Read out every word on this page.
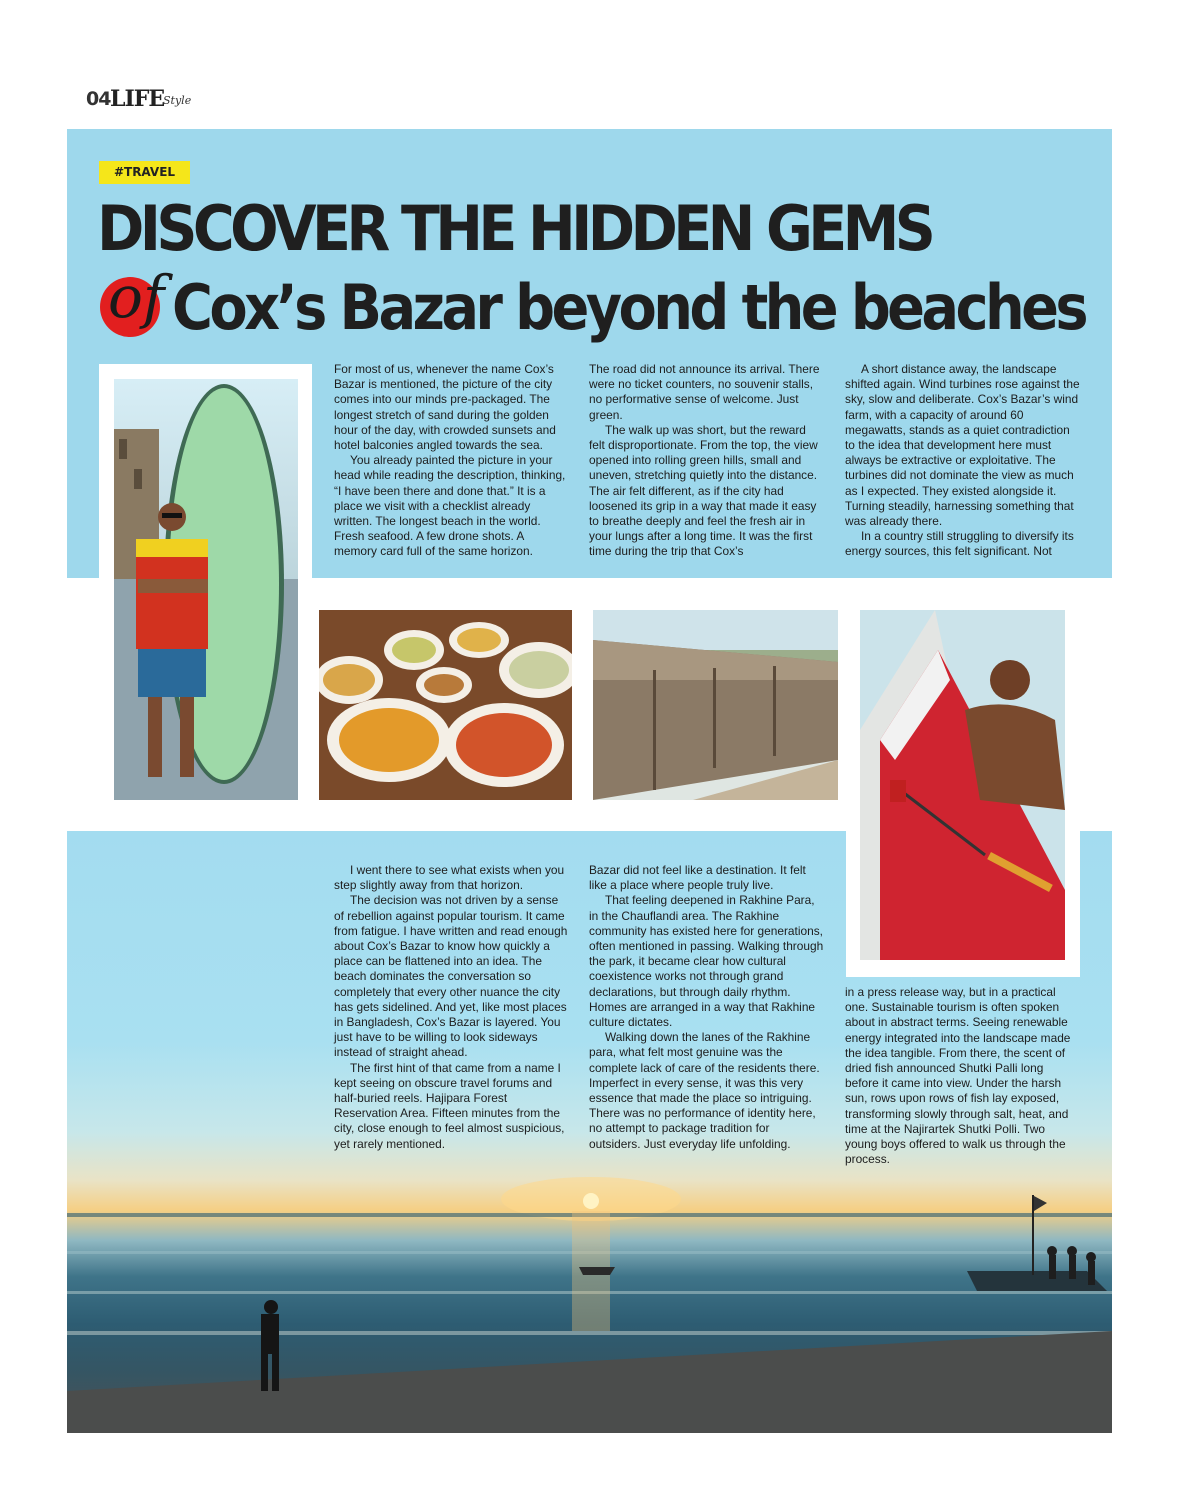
04 LIFE
Style
#TRAVEL
DISCOVER THE HIDDEN GEMS
of Cox’s Bazar beyond the beaches

For most of us, whenever the name Cox’s Bazar is mentioned, the picture of the city comes into our minds pre-packaged. The longest stretch of sand during the golden hour of the day, with crowded sunsets and hotel balconies angled towards the sea.

You already painted the picture in your head while reading the description, thinking, “I have been there and done that.” It is a place we visit with a checklist already written. The longest beach in the world. Fresh seafood. A few drone shots. A memory card full of the same horizon.

The road did not announce its arrival. There were no ticket counters, no souvenir stalls, no performative sense of welcome. Just green.

The walk up was short, but the reward felt disproportionate. From the top, the view opened into rolling green hills, small and uneven, stretching quietly into the distance. The air felt different, as if the city had loosened its grip in a way that made it easy to breathe deeply and feel the fresh air in your lungs after a long time. It was the first time during the trip that Cox’s

A short distance away, the landscape shifted again. Wind turbines rose against the sky, slow and deliberate. Cox’s Bazar’s wind farm, with a capacity of around 60 megawatts, stands as a quiet contradiction to the idea that development here must always be extractive or exploitative. The turbines did not dominate the view as much as I expected. They existed alongside it. Turning steadily, harnessing something that was already there.

In a country still struggling to diversify its energy sources, this felt significant. Not

I went there to see what exists when you step slightly away from that horizon.

The decision was not driven by a sense of rebellion against popular tourism. It came from fatigue. I have written and read enough about Cox’s Bazar to know how quickly a place can be flattened into an idea. The beach dominates the conversation so completely that every other nuance the city has gets sidelined. And yet, like most places in Bangladesh, Cox’s Bazar is layered. You just have to be willing to look sideways instead of straight ahead.

The first hint of that came from a name I kept seeing on obscure travel forums and half-buried reels. Hajipara Forest Reservation Area. Fifteen minutes from the city, close enough to feel almost suspicious, yet rarely mentioned.

Bazar did not feel like a destination. It felt like a place where people truly live.

That feeling deepened in Rakhine Para, in the Chauflandi area. The Rakhine community has existed here for generations, often mentioned in passing. Walking through the park, it became clear how cultural coexistence works not through grand declarations, but through daily rhythm. Homes are arranged in a way that Rakhine culture dictates.

Walking down the lanes of the Rakhine para, what felt most genuine was the complete lack of care of the residents there. Imperfect in every sense, it was this very essence that made the place so intriguing. There was no performance of identity here, no attempt to package tradition for outsiders. Just everyday life unfolding.

in a press release way, but in a practical one. Sustainable tourism is often spoken about in abstract terms. Seeing renewable energy integrated into the landscape made the idea tangible. From there, the scent of dried fish announced Shutki Palli long before it came into view. Under the harsh sun, rows upon rows of fish lay exposed, transforming slowly through salt, heat, and time at the Najirartek Shutki Polli. Two young boys offered to walk us through the process.
